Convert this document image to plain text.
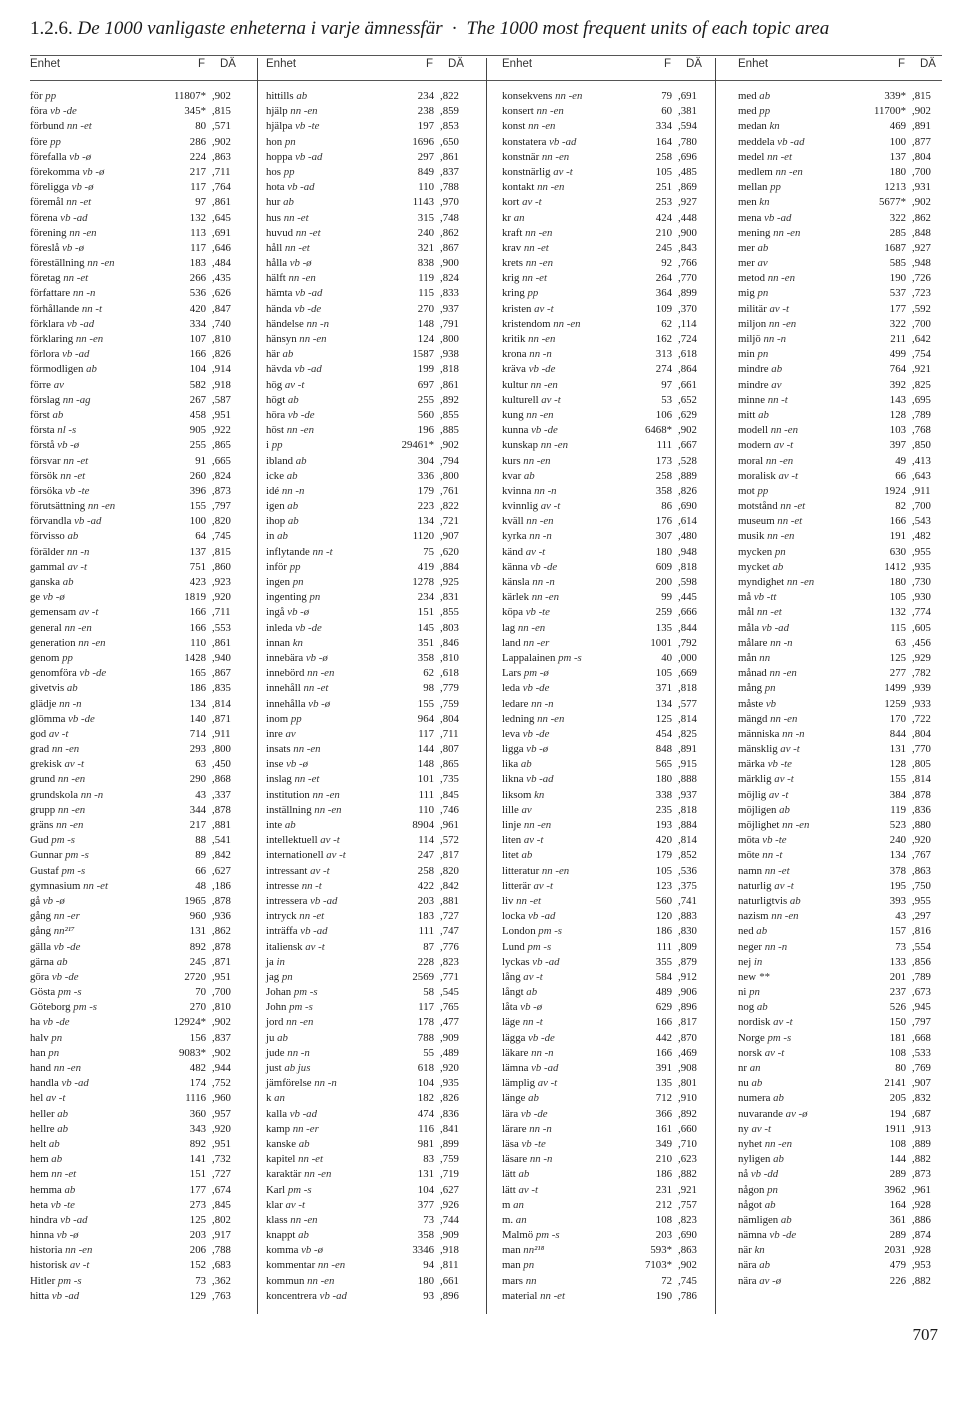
1.2.6. De 1000 vanligaste enheterna i varje ämnessfär · The 1000 most frequent units of each topic area
Enhet	F DÄ	Enhet	F DÄ	Enhet	F DÄ	Enhet	F DÄ
för pp	11807* ,902
föra vb -de	345* ,815
förbund nn -et	80 ,571
före pp	286 ,902
förefalla vb -ø	224 ,863
förekomma vb -ø	217 ,711
föreligga vb -ø	117 ,764
föremål nn -et	97 ,861
förena vb -ad	132 ,645
förening nn -en	113 ,691
föreslå vb -ø	117 ,646
föreställning nn -en	183 ,484
företag nn -et	266 ,435
författare nn -n	536 ,626
förhållande nn -t	420 ,847
förklara vb -ad	334 ,740
förklaring nn -en	107 ,810
förlora vb -ad	166 ,826
förmodligen ab	104 ,914
förre av	582 ,918
förslag nn -ag	267 ,587
först ab	458 ,951
första nl -s	905 ,922
förstå vb -ø	255 ,865
försvar nn -et	91 ,665
försök nn -et	260 ,824
försöka vb -te	396 ,873
förutsättning nn -en	155 ,797
förvandla vb -ad	100 ,820
förvisso ab	64 ,745
förälder nn -n	137 ,815
gammal av -t	751 ,860
ganska ab	423 ,923
ge vb -ø	1819 ,920
gemensam av -t	166 ,711
general nn -en	166 ,553
generation nn -en	110 ,861
genom pp	1428 ,940
genomföra vb -de	165 ,867
givetvis ab	186 ,835
glädje nn -n	134 ,814
glömma vb -de	140 ,871
god av -t	714 ,911
grad nn -en	293 ,800
grekisk av -t	63 ,450
grund nn -en	290 ,868
grundskola nn -n	43 ,337
grupp nn -en	344 ,878
gräns nn -en	217 ,881
Gud pm -s	88 ,541
Gunnar pm -s	89 ,842
Gustaf pm -s	66 ,627
gymnasium nn -et	48 ,186
gå vb -ø	1965 ,878
gång nn -er	960 ,936
gång nn²¹⁷	131 ,862
gälla vb -de	892 ,878
gärna ab	245 ,871
göra vb -de	2720 ,951
Gösta pm -s	70 ,700
Göteborg pm -s	270 ,810
ha vb -de	12924* ,902
halv pn	156 ,837
han pn	9083* ,902
hand nn -en	482 ,944
handla vb -ad	174 ,752
hel av -t	1116 ,960
heller ab	360 ,957
hellre ab	343 ,920
helt ab	892 ,951
hem ab	141 ,732
hem nn -et	151 ,727
hemma ab	177 ,674
heta vb -te	273 ,845
hindra vb -ad	125 ,802
hinna vb -ø	203 ,917
historia nn -en	206 ,788
historisk av -t	152 ,683
Hitler pm -s	73 ,362
hitta vb -ad	129 ,763
hittills ab	234 ,822
hjälp nn -en	238 ,859
hjälpa vb -te	197 ,853
hon pn	1696 ,650
hoppa vb -ad	297 ,861
hos pp	849 ,837
hota vb -ad	110 ,788
hur ab	1143 ,970
hus nn -et	315 ,748
huvud nn -et	240 ,862
håll nn -et	321 ,867
hålla vb -ø	838 ,900
hälft nn -en	119 ,824
hämta vb -ad	115 ,833
hända vb -de	270 ,937
händelse nn -n	148 ,791
hänsyn nn -en	124 ,800
här ab	1587 ,938
hävda vb -ad	199 ,818
hög av -t	697 ,861
högt ab	255 ,892
höra vb -de	560 ,855
höst nn -en	196 ,885
i pp	29461* ,902
ibland ab	304 ,794
icke ab	336 ,800
idé nn -n	179 ,761
igen ab	223 ,822
ihop ab	134 ,721
in ab	1120 ,907
inflytande nn -t	75 ,620
inför pp	419 ,884
ingen pn	1278 ,925
ingenting pn	234 ,831
ingå vb -ø	151 ,855
inleda vb -de	145 ,803
innan kn	351 ,846
innebära vb -ø	358 ,810
innebörd nn -en	62 ,618
innehåll nn -et	98 ,779
innehålla vb -ø	155 ,759
inom pp	964 ,804
inre av	117 ,711
insats nn -en	144 ,807
inse vb -ø	148 ,865
inslag nn -et	101 ,735
institution nn -en	111 ,845
inställning nn -en	110 ,746
inte ab	8904 ,961
intellektuell av -t	114 ,572
internationell av -t	247 ,817
intressant av -t	258 ,820
intresse nn -t	422 ,842
intressera vb -ad	203 ,881
intryck nn -et	183 ,727
inträffa vb -ad	111 ,747
italiensk av -t	87 ,776
ja in	228 ,823
jag pn	2569 ,771
Johan pm -s	58 ,545
John pm -s	117 ,765
jord nn -en	178 ,477
ju ab	788 ,909
jude nn -n	55 ,489
just ab jus	618 ,920
jämförelse nn -n	104 ,935
k an	182 ,826
kalla vb -ad	474 ,836
kamp nn -er	116 ,841
kanske ab	981 ,899
kapitel nn -et	83 ,759
karaktär nn -en	131 ,719
Karl pm -s	104 ,627
klar av -t	377 ,926
klass nn -en	73 ,744
knappt ab	358 ,909
komma vb -ø	3346 ,918
kommentar nn -en	94 ,811
kommun nn -en	180 ,661
koncentrera vb -ad	93 ,896
konsekvens nn -en	79 ,691
konsert nn -en	60 ,381
konst nn -en	334 ,594
konstatera vb -ad	164 ,780
konstnär nn -en	258 ,696
konstnärlig av -t	105 ,485
kontakt nn -en	251 ,869
kort av -t	253 ,927
kr an	424 ,448
kraft nn -en	210 ,900
krav nn -et	245 ,843
krets nn -en	92 ,766
krig nn -et	264 ,770
kring pp	364 ,899
kristen av -t	109 ,370
kristendom nn -en	62 ,114
kritik nn -en	162 ,724
krona nn -n	313 ,618
kräva vb -de	274 ,864
kultur nn -en	97 ,661
kulturell av -t	53 ,652
kung nn -en	106 ,629
kunna vb -de	6468* ,902
kunskap nn -en	111 ,667
kurs nn -en	173 ,528
kvar ab	258 ,889
kvinna nn -n	358 ,826
kvinnlig av -t	86 ,690
kväll nn -en	176 ,614
kyrka nn -n	307 ,480
känd av -t	180 ,948
känna vb -de	609 ,818
känsla nn -n	200 ,598
kärlek nn -en	99 ,445
köpa vb -te	259 ,666
lag nn -en	135 ,844
land nn -er	1001 ,792
Lappalainen pm -s	40 ,000
Lars pm -ø	105 ,669
leda vb -de	371 ,818
ledare nn -n	134 ,577
ledning nn -en	125 ,814
leva vb -de	454 ,825
ligga vb -ø	848 ,891
lika ab	565 ,915
likna vb -ad	180 ,888
liksom kn	338 ,937
lille av	235 ,818
linje nn -en	193 ,884
liten av -t	420 ,814
litet ab	179 ,852
litteratur nn -en	105 ,536
litterär av -t	123 ,375
liv nn -et	560 ,741
locka vb -ad	120 ,883
London pm -s	186 ,830
Lund pm -s	111 ,809
lyckas vb -ad	355 ,879
lång av -t	584 ,912
långt ab	489 ,906
låta vb -ø	629 ,896
läge nn -t	166 ,817
lägga vb -de	442 ,870
läkare nn -n	166 ,469
lämna vb -ad	391 ,908
lämplig av -t	135 ,801
länge ab	712 ,910
lära vb -de	366 ,892
lärare nn -n	161 ,660
läsa vb -te	349 ,710
läsare nn -n	210 ,623
lätt ab	186 ,882
lätt av -t	231 ,921
m an	212 ,757
m. an	108 ,823
Malmö pm -s	203 ,690
man nn²¹⁸	593* ,863
man pn	7103* ,902
mars nn	72 ,745
material nn -et	190 ,786
med ab	339* ,815
med pp	11700* ,902
medan kn	469 ,891
meddela vb -ad	100 ,877
medel nn -et	137 ,804
medlem nn -en	180 ,700
mellan pp	1213 ,931
men kn	5677* ,902
mena vb -ad	322 ,862
mening nn -en	285 ,848
mer ab	1687 ,927
mer av	585 ,948
metod nn -en	190 ,726
mig pn	537 ,723
militär av -t	177 ,592
miljon nn -en	322 ,700
miljö nn -n	211 ,642
min pn	499 ,754
mindre ab	764 ,921
mindre av	392 ,825
minne nn -t	143 ,695
mitt ab	128 ,789
modell nn -en	103 ,768
modern av -t	397 ,850
moral nn -en	49 ,413
moralisk av -t	66 ,643
mot pp	1924 ,911
motstånd nn -et	82 ,700
museum nn -et	166 ,543
musik nn -en	191 ,482
mycken pn	630 ,955
mycket ab	1412 ,935
myndighet nn -en	180 ,730
må vb -tt	105 ,930
mål nn -et	132 ,774
måla vb -ad	115 ,605
målare nn -n	63 ,456
mån nn	125 ,929
månad nn -en	277 ,782
mång pn	1499 ,939
måste vb	1259 ,933
mängd nn -en	170 ,722
människa nn -n	844 ,804
mänsklig av -t	131 ,770
märka vb -te	128 ,805
märklig av -t	155 ,814
möjlig av -t	384 ,878
möjligen ab	119 ,836
möjlighet nn -en	523 ,880
möta vb -te	240 ,920
möte nn -t	134 ,767
namn nn -et	378 ,863
naturlig av -t	195 ,750
naturligtvis ab	393 ,955
nazism nn -en	43 ,297
ned ab	157 ,816
neger nn -n	73 ,554
nej in	133 ,856
new **	201 ,789
ni pn	237 ,673
nog ab	526 ,945
nordisk av -t	150 ,797
Norge pm -s	181 ,668
norsk av -t	108 ,533
nr an	80 ,769
nu ab	2141 ,907
numera ab	205 ,832
nuvarande av -ø	194 ,687
ny av -t	1911 ,913
nyhet nn -en	108 ,889
nyligen ab	144 ,882
nå vb -dd	289 ,873
någon pn	3962 ,961
något ab	164 ,928
nämligen ab	361 ,886
nämna vb -de	289 ,874
när kn	2031 ,928
nära ab	479 ,953
nära av -ø	226 ,882
707
